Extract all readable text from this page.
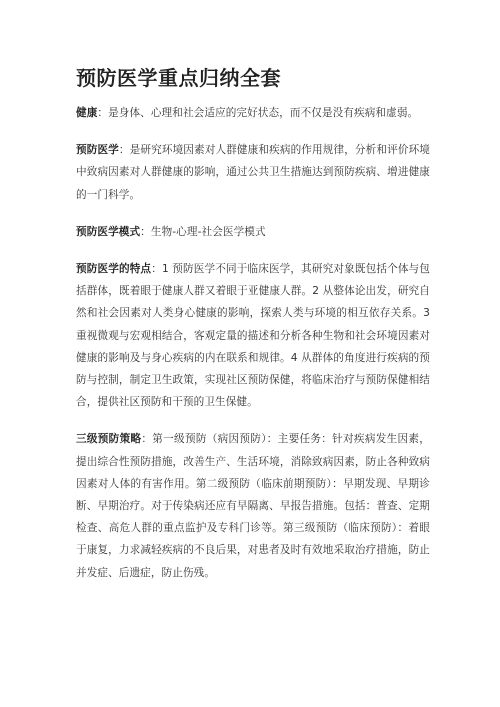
预防医学重点归纳全套

健康：是身体、心理和社会适应的完好状态，而不仅是没有疾病和虚弱。

预防医学：是研究环境因素对人群健康和疾病的作用规律，分析和评价环境中致病因素对人群健康的影响，通过公共卫生措施达到预防疾病、增进健康的一门科学。

预防医学模式：生物-心理-社会医学模式

预防医学的特点：1 预防医学不同于临床医学，其研究对象既包括个体与包括群体，既着眼于健康人群又着眼于亚健康人群。2 从整体论出发，研究自然和社会因素对人类身心健康的影响，探索人类与环境的相互依存关系。3 重视微观与宏观相结合，客观定量的描述和分析各种生物和社会环境因素对健康的影响及与身心疾病的内在联系和规律。4 从群体的角度进行疾病的预防与控制，制定卫生政策，实现社区预防保健，将临床治疗与预防保健相结合，提供社区预防和干预的卫生保健。

三级预防策略：第一级预防（病因预防）：主要任务：针对疾病发生因素，提出综合性预防措施，改善生产、生活环境，消除致病因素，防止各种致病因素对人体的有害作用。第二级预防（临床前期预防）：早期发现、早期诊断、早期治疗。对于传染病还应有早隔离、早报告措施。包括：普查、定期检查、高危人群的重点监护及专科门诊等。第三级预防（临床预防）：着眼于康复，力求减轻疾病的不良后果，对患者及时有效地采取治疗措施，防止并发症、后遗症，防止伤残。
